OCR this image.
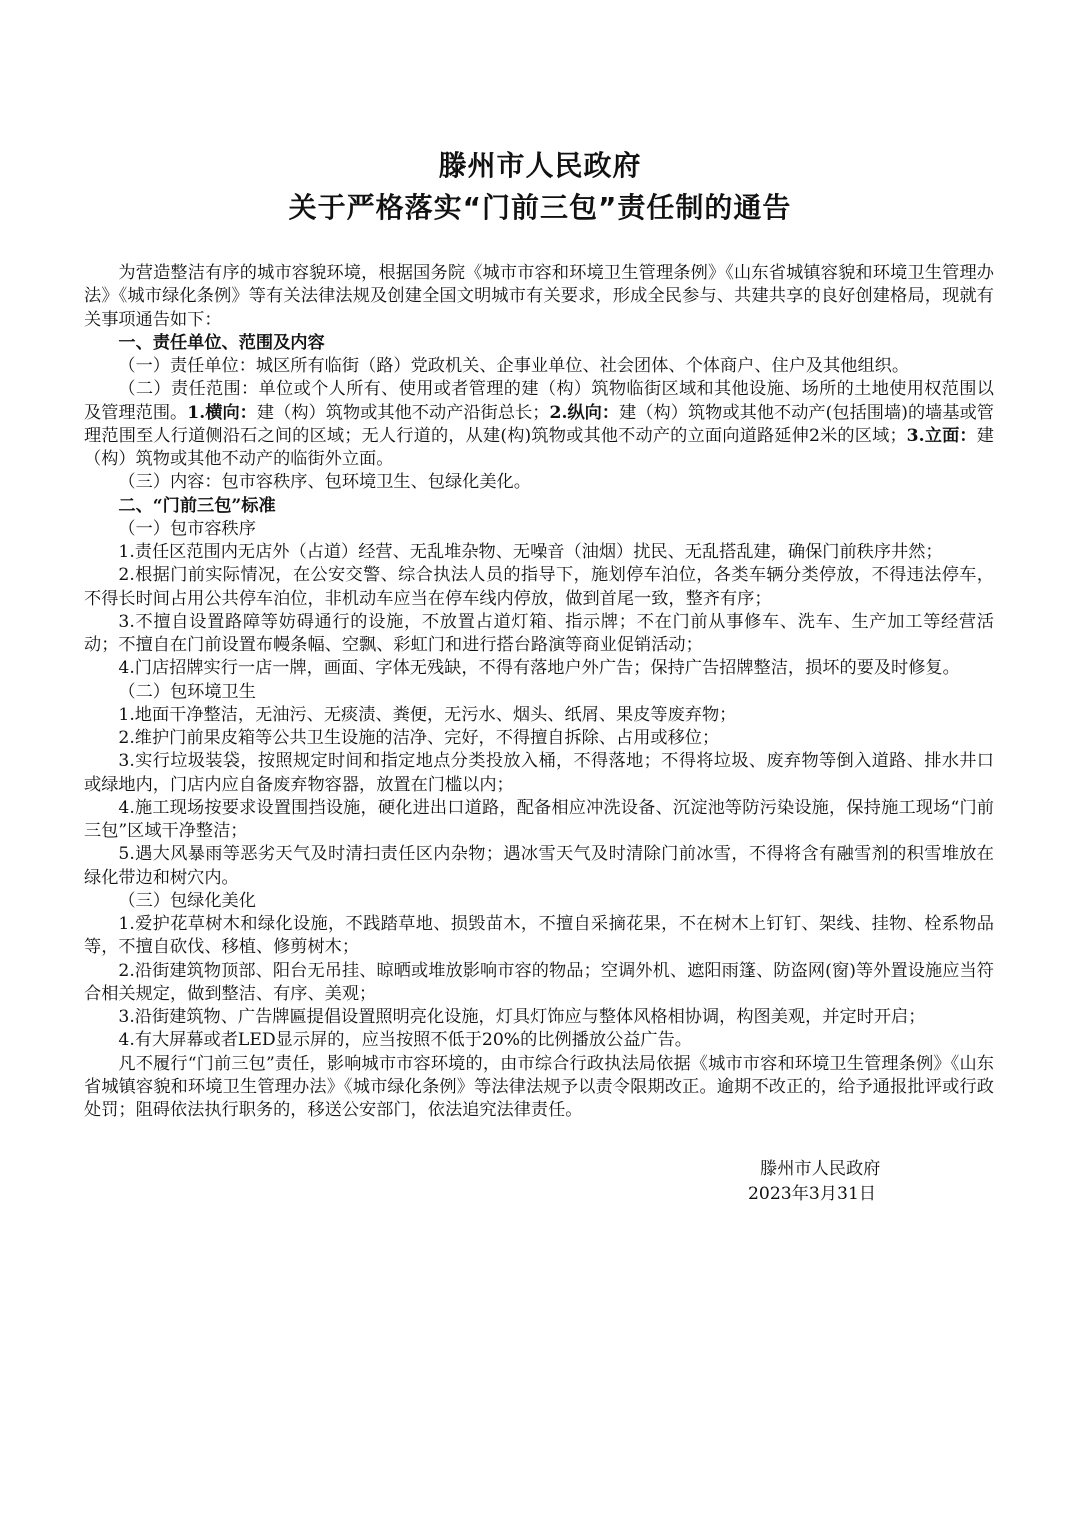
滕州市人民政府
关于严格落实“门前三包”责任制的通告

为营造整洁有序的城市容貌环境，根据国务院《城市市容和环境卫生管理条例》《山东省城镇容貌和环境卫生管理办法》《城市绿化条例》等有关法律法规及创建全国文明城市有关要求，形成全民参与、共建共享的良好创建格局，现就有关事项通告如下：

一、责任单位、范围及内容

（一）责任单位：城区所有临街（路）党政机关、企事业单位、社会团体、个体商户、住户及其他组织。

（二）责任范围：单位或个人所有、使用或者管理的建（构）筑物临街区域和其他设施、场所的土地使用权范围以及管理范围。1.横向：建（构）筑物或其他不动产沿街总长；2.纵向：建（构）筑物或其他不动产(包括围墙)的墙基或管理范围至人行道侧沿石之间的区域；无人行道的，从建(构)筑物或其他不动产的立面向道路延伸2米的区域；3.立面：建（构）筑物或其他不动产的临街外立面。

（三）内容：包市容秩序、包环境卫生、包绿化美化。

二、“门前三包”标准

（一）包市容秩序

1.责任区范围内无店外（占道）经营、无乱堆杂物、无噪音（油烟）扰民、无乱搭乱建，确保门前秩序井然；

2.根据门前实际情况，在公安交警、综合执法人员的指导下，施划停车泊位，各类车辆分类停放，不得违法停车，不得长时间占用公共停车泊位，非机动车应当在停车线内停放，做到首尾一致，整齐有序；

3.不擅自设置路障等妨碍通行的设施，不放置占道灯箱、指示牌；不在门前从事修车、洗车、生产加工等经营活动；不擅自在门前设置布幔条幅、空飘、彩虹门和进行搭台路演等商业促销活动；

4.门店招牌实行一店一牌，画面、字体无残缺，不得有落地户外广告；保持广告招牌整洁，损坏的要及时修复。

（二）包环境卫生

1.地面干净整洁，无油污、无痰渍、粪便，无污水、烟头、纸屑、果皮等废弃物；

2.维护门前果皮箱等公共卫生设施的洁净、完好，不得擅自拆除、占用或移位；

3.实行垃圾装袋，按照规定时间和指定地点分类投放入桶，不得落地；不得将垃圾、废弃物等倒入道路、排水井口或绿地内，门店内应自备废弃物容器，放置在门槛以内；

4.施工现场按要求设置围挡设施，硬化进出口道路，配备相应冲洗设备、沉淀池等防污染设施，保持施工现场“门前三包”区域干净整洁；

5.遇大风暴雨等恶劣天气及时清扫责任区内杂物；遇冰雪天气及时清除门前冰雪，不得将含有融雪剂的积雪堆放在绿化带边和树穴内。

（三）包绿化美化

1.爱护花草树木和绿化设施，不践踏草地、损毁苗木，不擅自采摘花果，不在树木上钉钉、架线、挂物、栓系物品等，不擅自砍伐、移植、修剪树木；

2.沿街建筑物顶部、阳台无吊挂、晾晒或堆放影响市容的物品；空调外机、遮阳雨篷、防盗网(窗)等外置设施应当符合相关规定，做到整洁、有序、美观；

3.沿街建筑物、广告牌匾提倡设置照明亮化设施，灯具灯饰应与整体风格相协调，构图美观，并定时开启；

4.有大屏幕或者LED显示屏的，应当按照不低于20%的比例播放公益广告。

凡不履行“门前三包”责任，影响城市市容环境的，由市综合行政执法局依据《城市市容和环境卫生管理条例》《山东省城镇容貌和环境卫生管理办法》《城市绿化条例》等法律法规予以责令限期改正。逾期不改正的，给予通报批评或行政处罚；阻碍依法执行职务的，移送公安部门，依法追究法律责任。

滕州市人民政府
2023年3月31日
